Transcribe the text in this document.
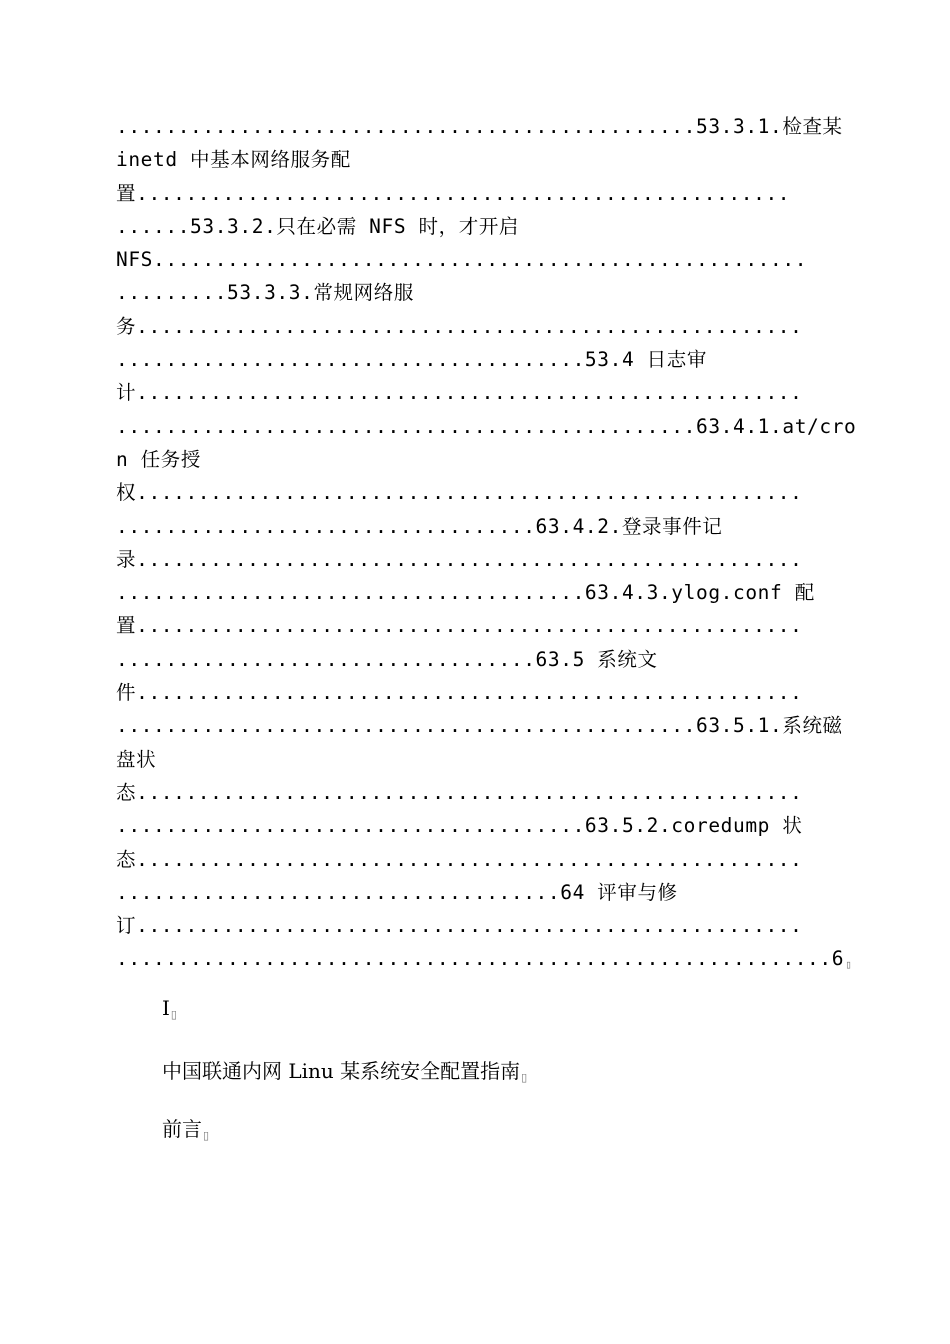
...............................................53.3.1.检查某
inetd 中基本网络服务配
置.....................................................
......53.3.2.只在必需 NFS 时，才开启
NFS.....................................................
.........53.3.3.常规网络服
务......................................................
......................................53.4 日志审
计......................................................
...............................................63.4.1.at/cro
n 任务授
权......................................................
..................................63.4.2.登录事件记
录......................................................
......................................63.4.3.ylog.conf 配
置......................................................
..................................63.5 系统文
件......................................................
...............................................63.5.1.系统磁
盘状
态......................................................
......................................63.5.2.coredump 状
态......................................................
....................................64 评审与修
订......................................................
..........................................................6▯
I▯
中国联通内网 Linu 某系统安全配置指南▯
前言▯
